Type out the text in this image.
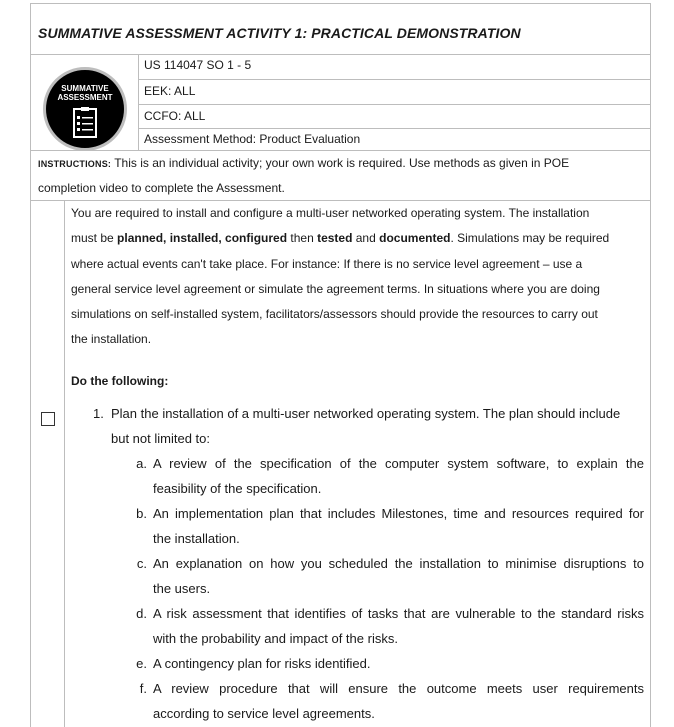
SUMMATIVE ASSESSMENT ACTIVITY 1: PRACTICAL DEMONSTRATION
SUMMATIVE
ASSESSMENT
US 114047 SO 1 - 5
EEK: ALL
CCFO: ALL
Assessment Method: Product Evaluation
INSTRUCTIONS: This is an individual activity; your own work is required. Use methods as given in POE
completion video to complete the Assessment.
You are required to install and configure a multi-user networked operating system. The installation
must be planned, installed, configured then tested and documented. Simulations may be required
where actual events can't take place. For instance: If there is no service level agreement – use a
general service level agreement or simulate the agreement terms. In situations where you are doing
simulations on self-installed system, facilitators/assessors should provide the resources to carry out
the installation.
Do the following:
1. Plan the installation of a multi-user networked operating system. The plan should include
but not limited to:
a. A review of the specification of the computer system software, to explain the
feasibility of the specification.
b. An implementation plan that includes Milestones, time and resources required for
the installation.
c. An explanation on how you scheduled the installation to minimise disruptions to
the users.
d. A risk assessment that identifies of tasks that are vulnerable to the standard risks
with the probability and impact of the risks.
e. A contingency plan for risks identified.
f. A review procedure that will ensure the outcome meets user requirements
according to service level agreements.
